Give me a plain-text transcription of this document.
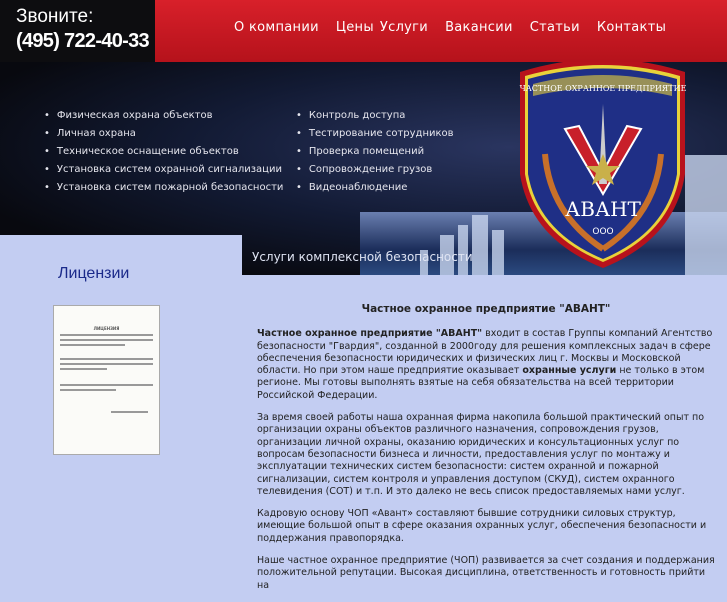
Звоните:
(495) 722-40-33
О компании Цены Услуги Вакансии Статьи Контакты
• Физическая охрана объектов
• Личная охрана
• Техническое оснащение объектов
• Установка систем охранной сигнализации
• Установка систем пожарной безопасности
• Контроль доступа
• Тестирование сотрудников
• Проверка помещений
• Сопровождение грузов
• Видеонаблюдение
ЧАСТНОЕ ОХРАННОЕ ПРЕДПРИЯТИЕ
АВАНТ
ООО
Услуги комплексной безопасности
Лицензии
ЛИЦЕНЗИЯ
Частное охранное предприятие "АВАНТ"

Частное охранное предприятие "АВАНТ" входит в состав Группы компаний Агентство безопасности "Гвардия", созданной в 2000году для решения комплексных задач в сфере обеспечения безопасности юридических и физических лиц г. Москвы и Московской области. Но при этом наше предприятие оказывает охранные услуги не только в этом регионе. Мы готовы выполнять взятые на себя обязательства на всей территории Российской Федерации.

За время своей работы наша охранная фирма накопила большой практический опыт по организации охраны объектов различного назначения, сопровождения грузов, организации личной охраны, оказанию юридических и консультационных услуг по вопросам безопасности бизнеса и личности, предоставления услуг по монтажу и эксплуатации технических систем безопасности: систем охранной и пожарной сигнализации, систем контроля и управления доступом (СКУД), систем охранного телевидения (СОТ) и т.п. И это далеко не весь список предоставляемых нами услуг.

Кадровую основу ЧОП «Авант» составляют бывшие сотрудники силовых структур, имеющие большой опыт в сфере оказания охранных услуг, обеспечения безопасности и поддержания правопорядка.

Наше частное охранное предприятие (ЧОП) развивается за счет создания и поддержания положительной репутации. Высокая дисциплина, ответственность и готовность прийти на
